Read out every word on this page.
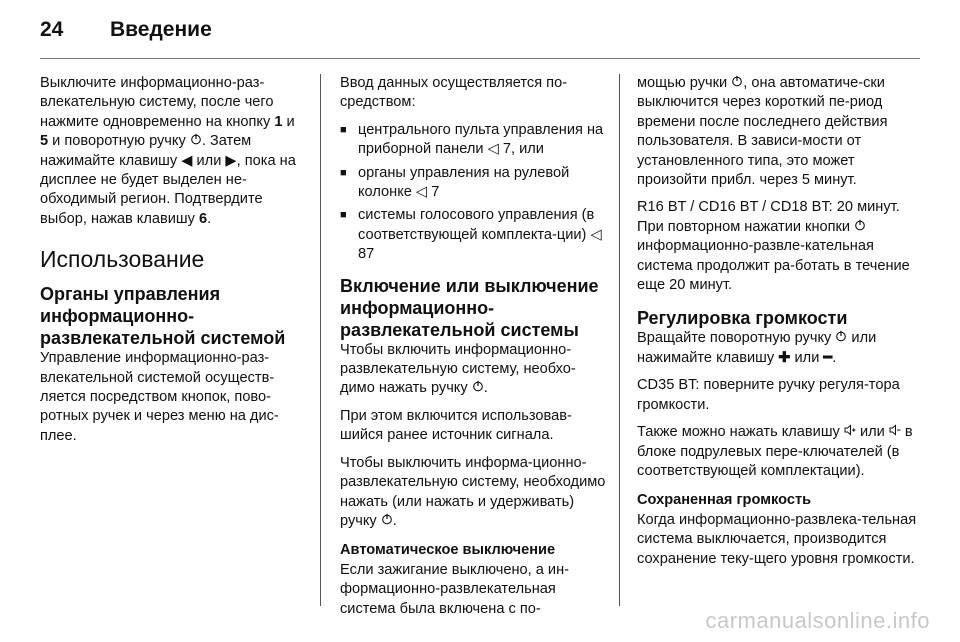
24	Введение

Выключите информационно-раз-влекательную систему, после чего нажмите одновременно на кнопку 1 и 5 и поворотную ручку . Затем нажимайте клавишу ◀ или ▶, пока на дисплее не будет выделен не-обходимый регион. Подтвердите выбор, нажав клавишу 6.

Использование
Органы управления информационно-развлекательной системой

Управление информационно-раз-влекательной системой осуществ-ляется посредством кнопок, пово-ротных ручек и через меню на дис-плее.

Ввод данных осуществляется по-средством:

■ центрального пульта управления на приборной панели ◁ 7, или
■ органы управления на рулевой колонке ◁ 7
■ системы голосового управления (в соответствующей комплекта-ции) ◁ 87
Включение или выключение информационно-развлекательной системы

Чтобы включить информационно-развлекательную систему, необхо-димо нажать ручку .

При этом включится использовав-шийся ранее источник сигнала.

Чтобы выключить информа-ционно-развлекательную систему, необходимо нажать (или нажать и удерживать) ручку .

Автоматическое выключение

Если зажигание выключено, а ин-формационно-развлекательная система была включена с по-

мощью ручки , она автоматиче-ски выключится через короткий пе-риод времени после последнего действия пользователя. В зависи-мости от установленного типа, это может произойти прибл. через 5 минут.

R16 BT / CD16 BT / CD18 BT: 20 минут. При повторном нажатии кнопки  информационно-развле-кательная система продолжит ра-ботать в течение еще 20 минут.

Регулировка громкости

Вращайте поворотную ручку  или нажимайте клавишу ✚ или ━.

CD35 BT: поверните ручку регуля-тора громкости.

Также можно нажать клавишу  или  в блоке подрулевых пере-ключателей (в соответствующей комплектации).

Сохраненная громкость

Когда информационно-развлека-тельная система выключается, производится сохранение теку-щего уровня громкости.

carmanualsonline.info
